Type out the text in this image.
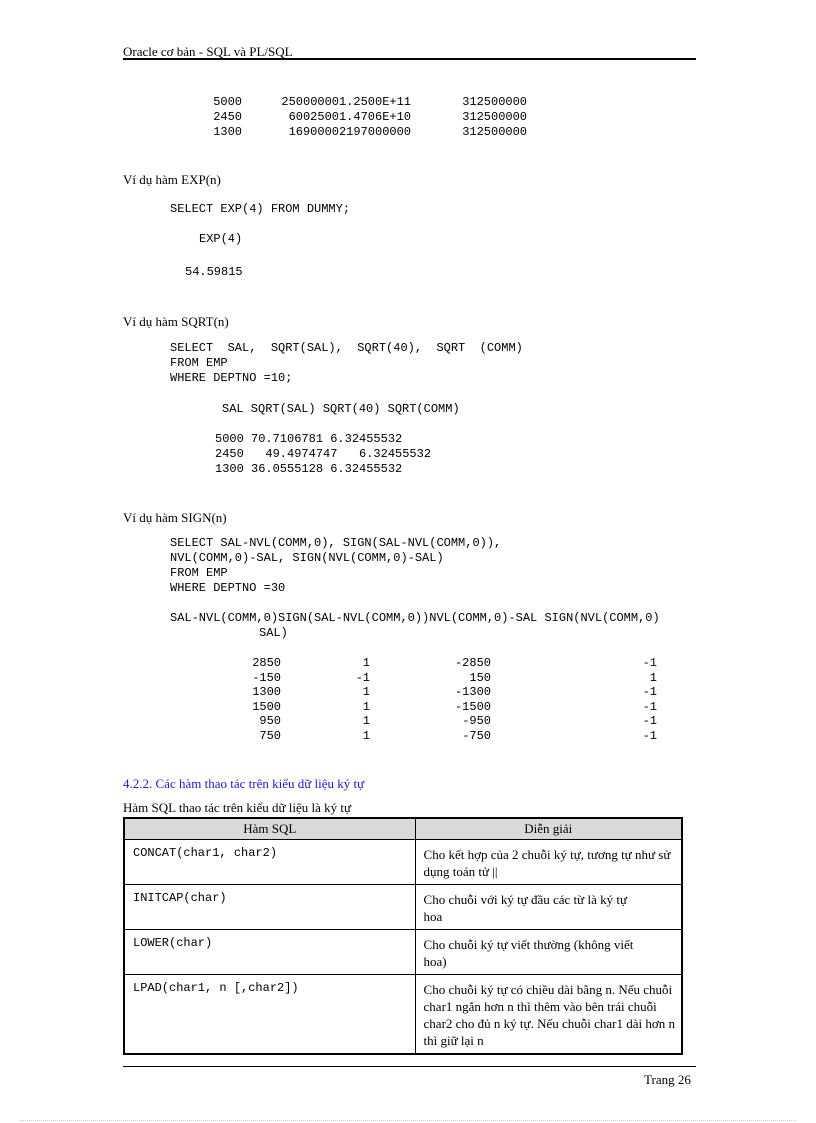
Oracle cơ bản - SQL và PL/SQL
5000	25000000 1.2500E+11	312500000
2450	6002500 1.4706E+10	312500000
1300	1690000 2197000000	312500000
Ví dụ hàm EXP(n)
SELECT EXP(4) FROM DUMMY;
EXP(4)
54.59815
Ví dụ hàm SQRT(n)
SELECT  SAL,  SQRT(SAL),  SQRT(40),  SQRT  (COMM)
FROM EMP
WHERE DEPTNO =10;
SAL SQRT(SAL) SQRT(40) SQRT(COMM)
5000 70.7106781 6.32455532
2450   49.4974747   6.32455532
1300 36.0555128 6.32455532
Ví dụ hàm SIGN(n)
SELECT SAL-NVL(COMM,0), SIGN(SAL-NVL(COMM,0)),
NVL(COMM,0)-SAL, SIGN(NVL(COMM,0)-SAL)
FROM EMP
WHERE DEPTNO =30
SAL-NVL(COMM,0)SIGN(SAL-NVL(COMM,0))NVL(COMM,0)-SAL SIGN(NVL(COMM,0)
SAL)
2850	1	-2850	-1
-150	-1	150	1
1300	1	-1300	-1
1500	1	-1500	-1
950	1	-950	-1
750	1	-750	-1
4.2.2. Các hàm thao tác trên kiểu dữ liệu ký tự
Hàm SQL thao tác trên kiểu dữ liệu là ký tự
Hàm SQL	Diễn giải
CONCAT(char1, char2)	Cho kết hợp của 2 chuỗi ký tự, tương tự như sử
dụng toán tử ||

INITCAP(char)	Cho chuỗi với ký tự đầu các từ là ký tự
hoa

LOWER(char)	Cho chuỗi ký tự viết thường (không viết
hoa)

LPAD(char1, n [,char2])	Cho chuỗi ký tự có chiều dài bằng n. Nếu chuỗi
char1 ngắn hơn n thì thêm vào bên trái chuỗi
char2 cho đủ n ký tự. Nếu chuỗi char1 dài hơn n
thì giữ lại n
Trang 26
